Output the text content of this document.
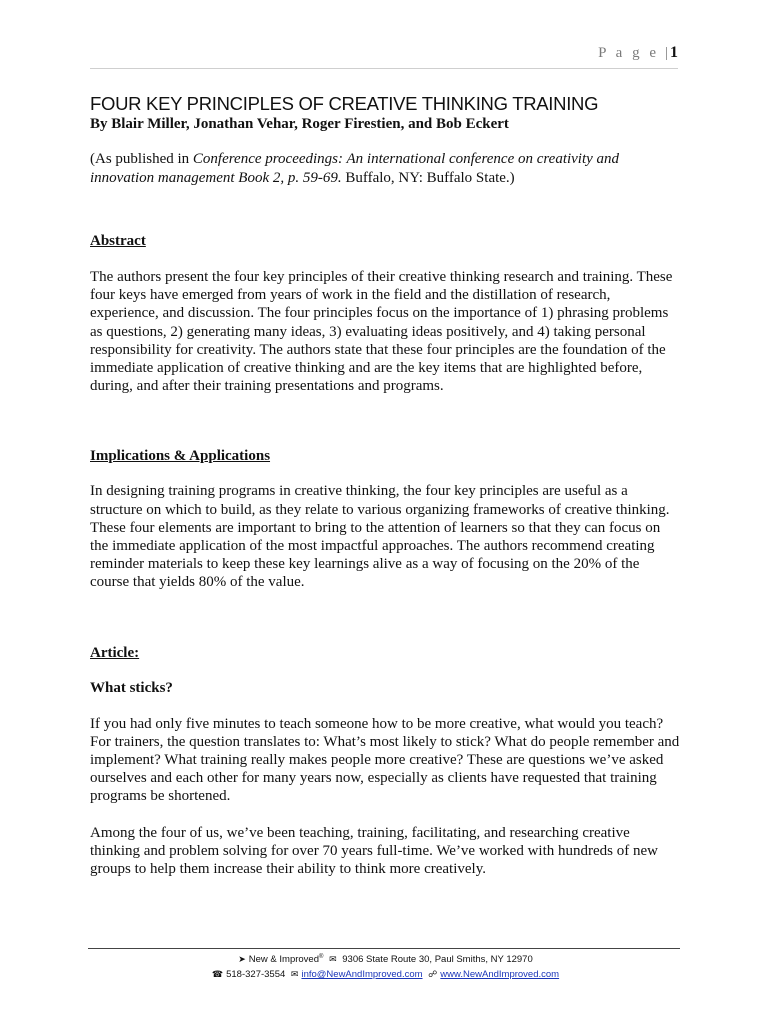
P a g e | 1
FOUR KEY PRINCIPLES OF CREATIVE THINKING TRAINING

By Blair Miller, Jonathan Vehar, Roger Firestien, and Bob Eckert

(As published in Conference proceedings: An international conference on creativity and innovation management Book 2, p. 59-69. Buffalo, NY: Buffalo State.)

Abstract

The authors present the four key principles of their creative thinking research and training. These four keys have emerged from years of work in the field and the distillation of research, experience, and discussion. The four principles focus on the importance of 1) phrasing problems as questions, 2) generating many ideas, 3) evaluating ideas positively, and 4) taking personal responsibility for creativity. The authors state that these four principles are the foundation of the immediate application of creative thinking and are the key items that are highlighted before, during, and after their training presentations and programs.

Implications & Applications

In designing training programs in creative thinking, the four key principles are useful as a structure on which to build, as they relate to various organizing frameworks of creative thinking. These four elements are important to bring to the attention of learners so that they can focus on the immediate application of the most impactful approaches. The authors recommend creating reminder materials to keep these key learnings alive as a way of focusing on the 20% of the course that yields 80% of the value.

Article:

What sticks?

If you had only five minutes to teach someone how to be more creative, what would you teach? For trainers, the question translates to: What’s most likely to stick? What do people remember and implement? What training really makes people more creative? These are questions we’ve asked ourselves and each other for many years now, especially as clients have requested that training programs be shortened.

Among the four of us, we’ve been teaching, training, facilitating, and researching creative thinking and problem solving for over 70 years full-time. We’ve worked with hundreds of new groups to help them increase their ability to think more creatively.

➤ New & Improved® ✉ 9306 State Route 30, Paul Smiths, NY 12970
☎ 518-327-3554 ✉ info@NewAndImproved.com ☍ www.NewAndImproved.com
